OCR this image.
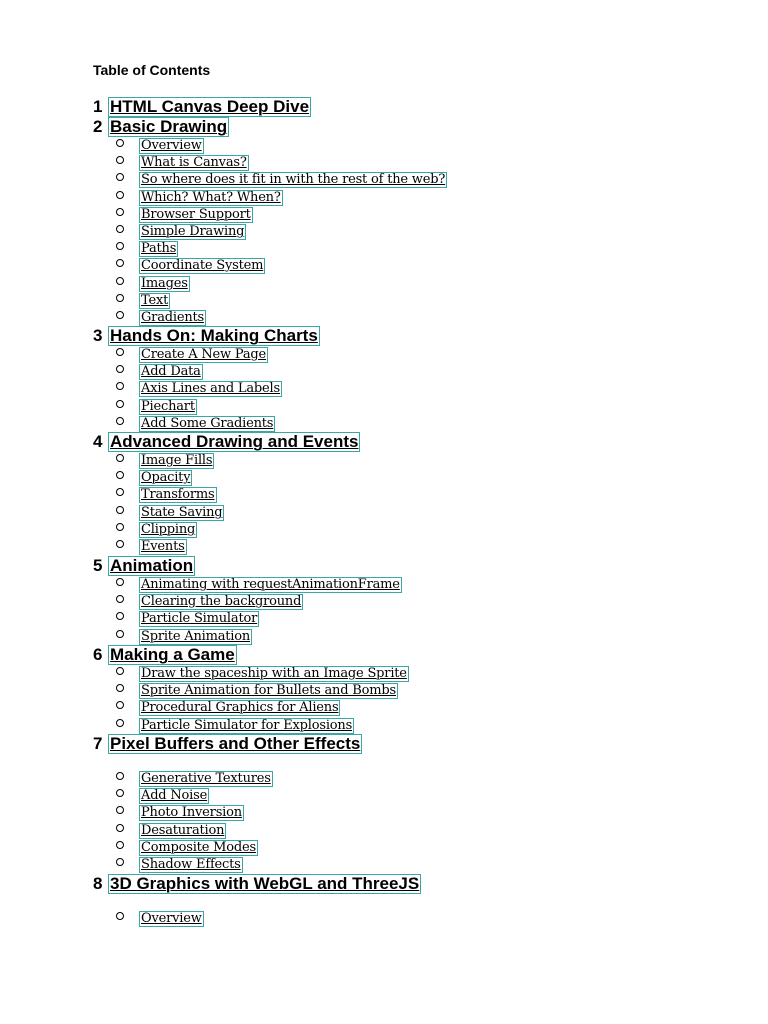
Table of Contents
1 HTML Canvas Deep Dive
2 Basic Drawing
Overview
What is Canvas?
So where does it fit in with the rest of the web?
Which? What? When?
Browser Support
Simple Drawing
Paths
Coordinate System
Images
Text
Gradients
3 Hands On: Making Charts
Create A New Page
Add Data
Axis Lines and Labels
Piechart
Add Some Gradients
4 Advanced Drawing and Events
Image Fills
Opacity
Transforms
State Saving
Clipping
Events
5 Animation
Animating with requestAnimationFrame
Clearing the background
Particle Simulator
Sprite Animation
6 Making a Game
Draw the spaceship with an Image Sprite
Sprite Animation for Bullets and Bombs
Procedural Graphics for Aliens
Particle Simulator for Explosions
7 Pixel Buffers and Other Effects
Generative Textures
Add Noise
Photo Inversion
Desaturation
Composite Modes
Shadow Effects
8 3D Graphics with WebGL and ThreeJS
Overview
